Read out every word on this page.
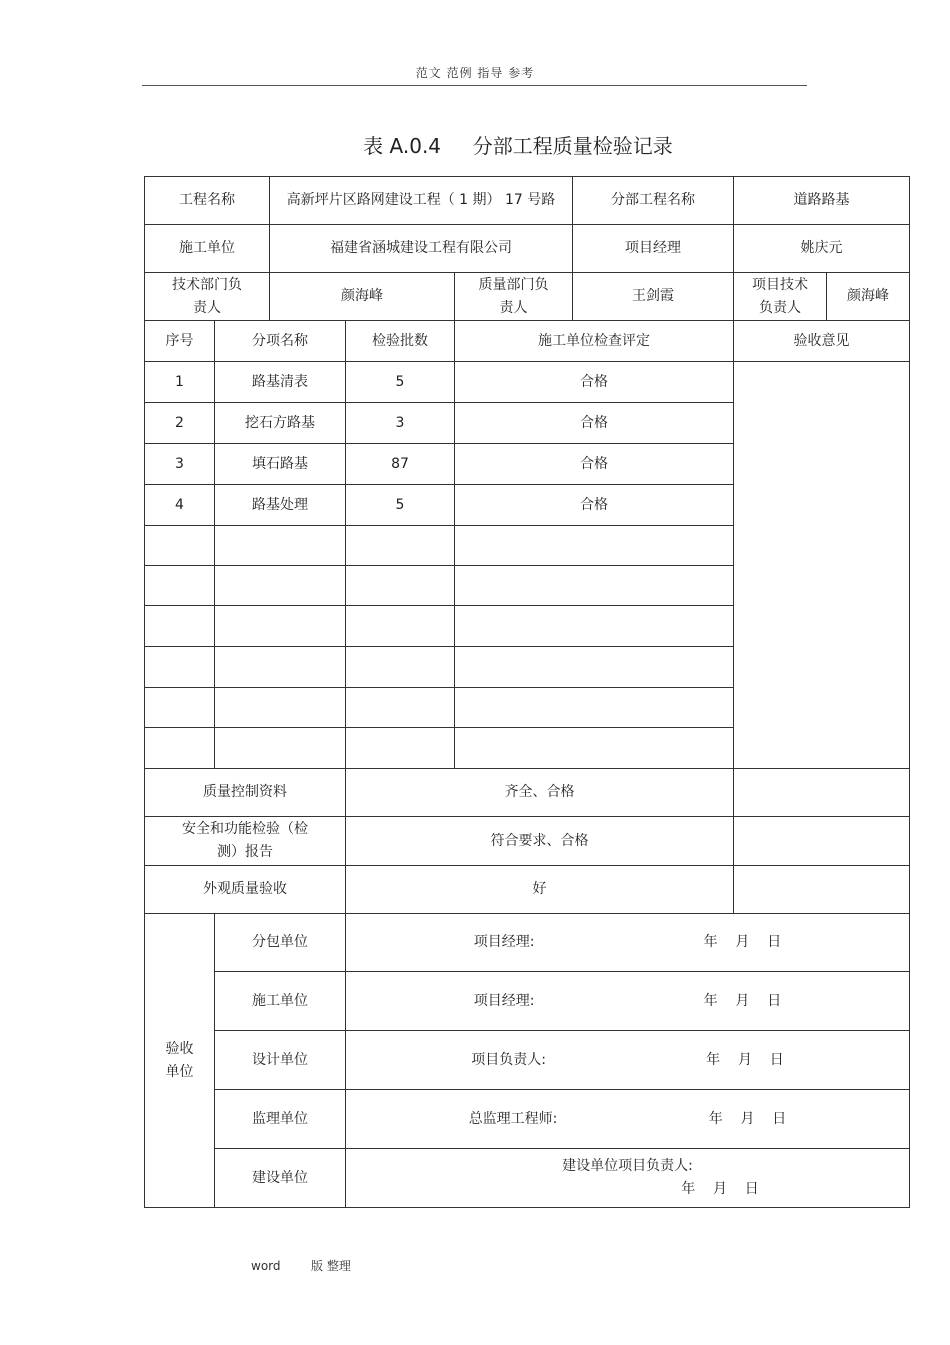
范文 范例 指导 参考
表 A.0.4     分部工程质量检验记录
工程名称		高新坪片区路网建设工程（ 1 期） 17 号路			分部工程名称	道路路基	
施工单位		福建省涵城建设工程有限公司			项目经理	姚庆元	
技术部门负责人		颜海峰		质量部门负责人	王剑霞	项目技术负责人	颜海峰
序号	分项名称		检验批数	施工单位检查评定		验收意见	
1	路基清表		5	合格			
2	挖石方路基		3	合格			
3	填石路基		87	合格			
4	路基处理		5	合格			

质量控制资料			齐全、合格				
安全和功能检验（检测）报告			符合要求、合格				
外观质量验收			好				
验收单位	分包单位		项目经理:                                      年    月    日				
	施工单位		项目经理:                                      年    月    日				
	设计单位		项目负责人:                                    年    月    日				
	监理单位		总监理工程师:                                  年    月    日				
	建设单位		建设单位项目负责人:
年    月    日				
word        版 整理
